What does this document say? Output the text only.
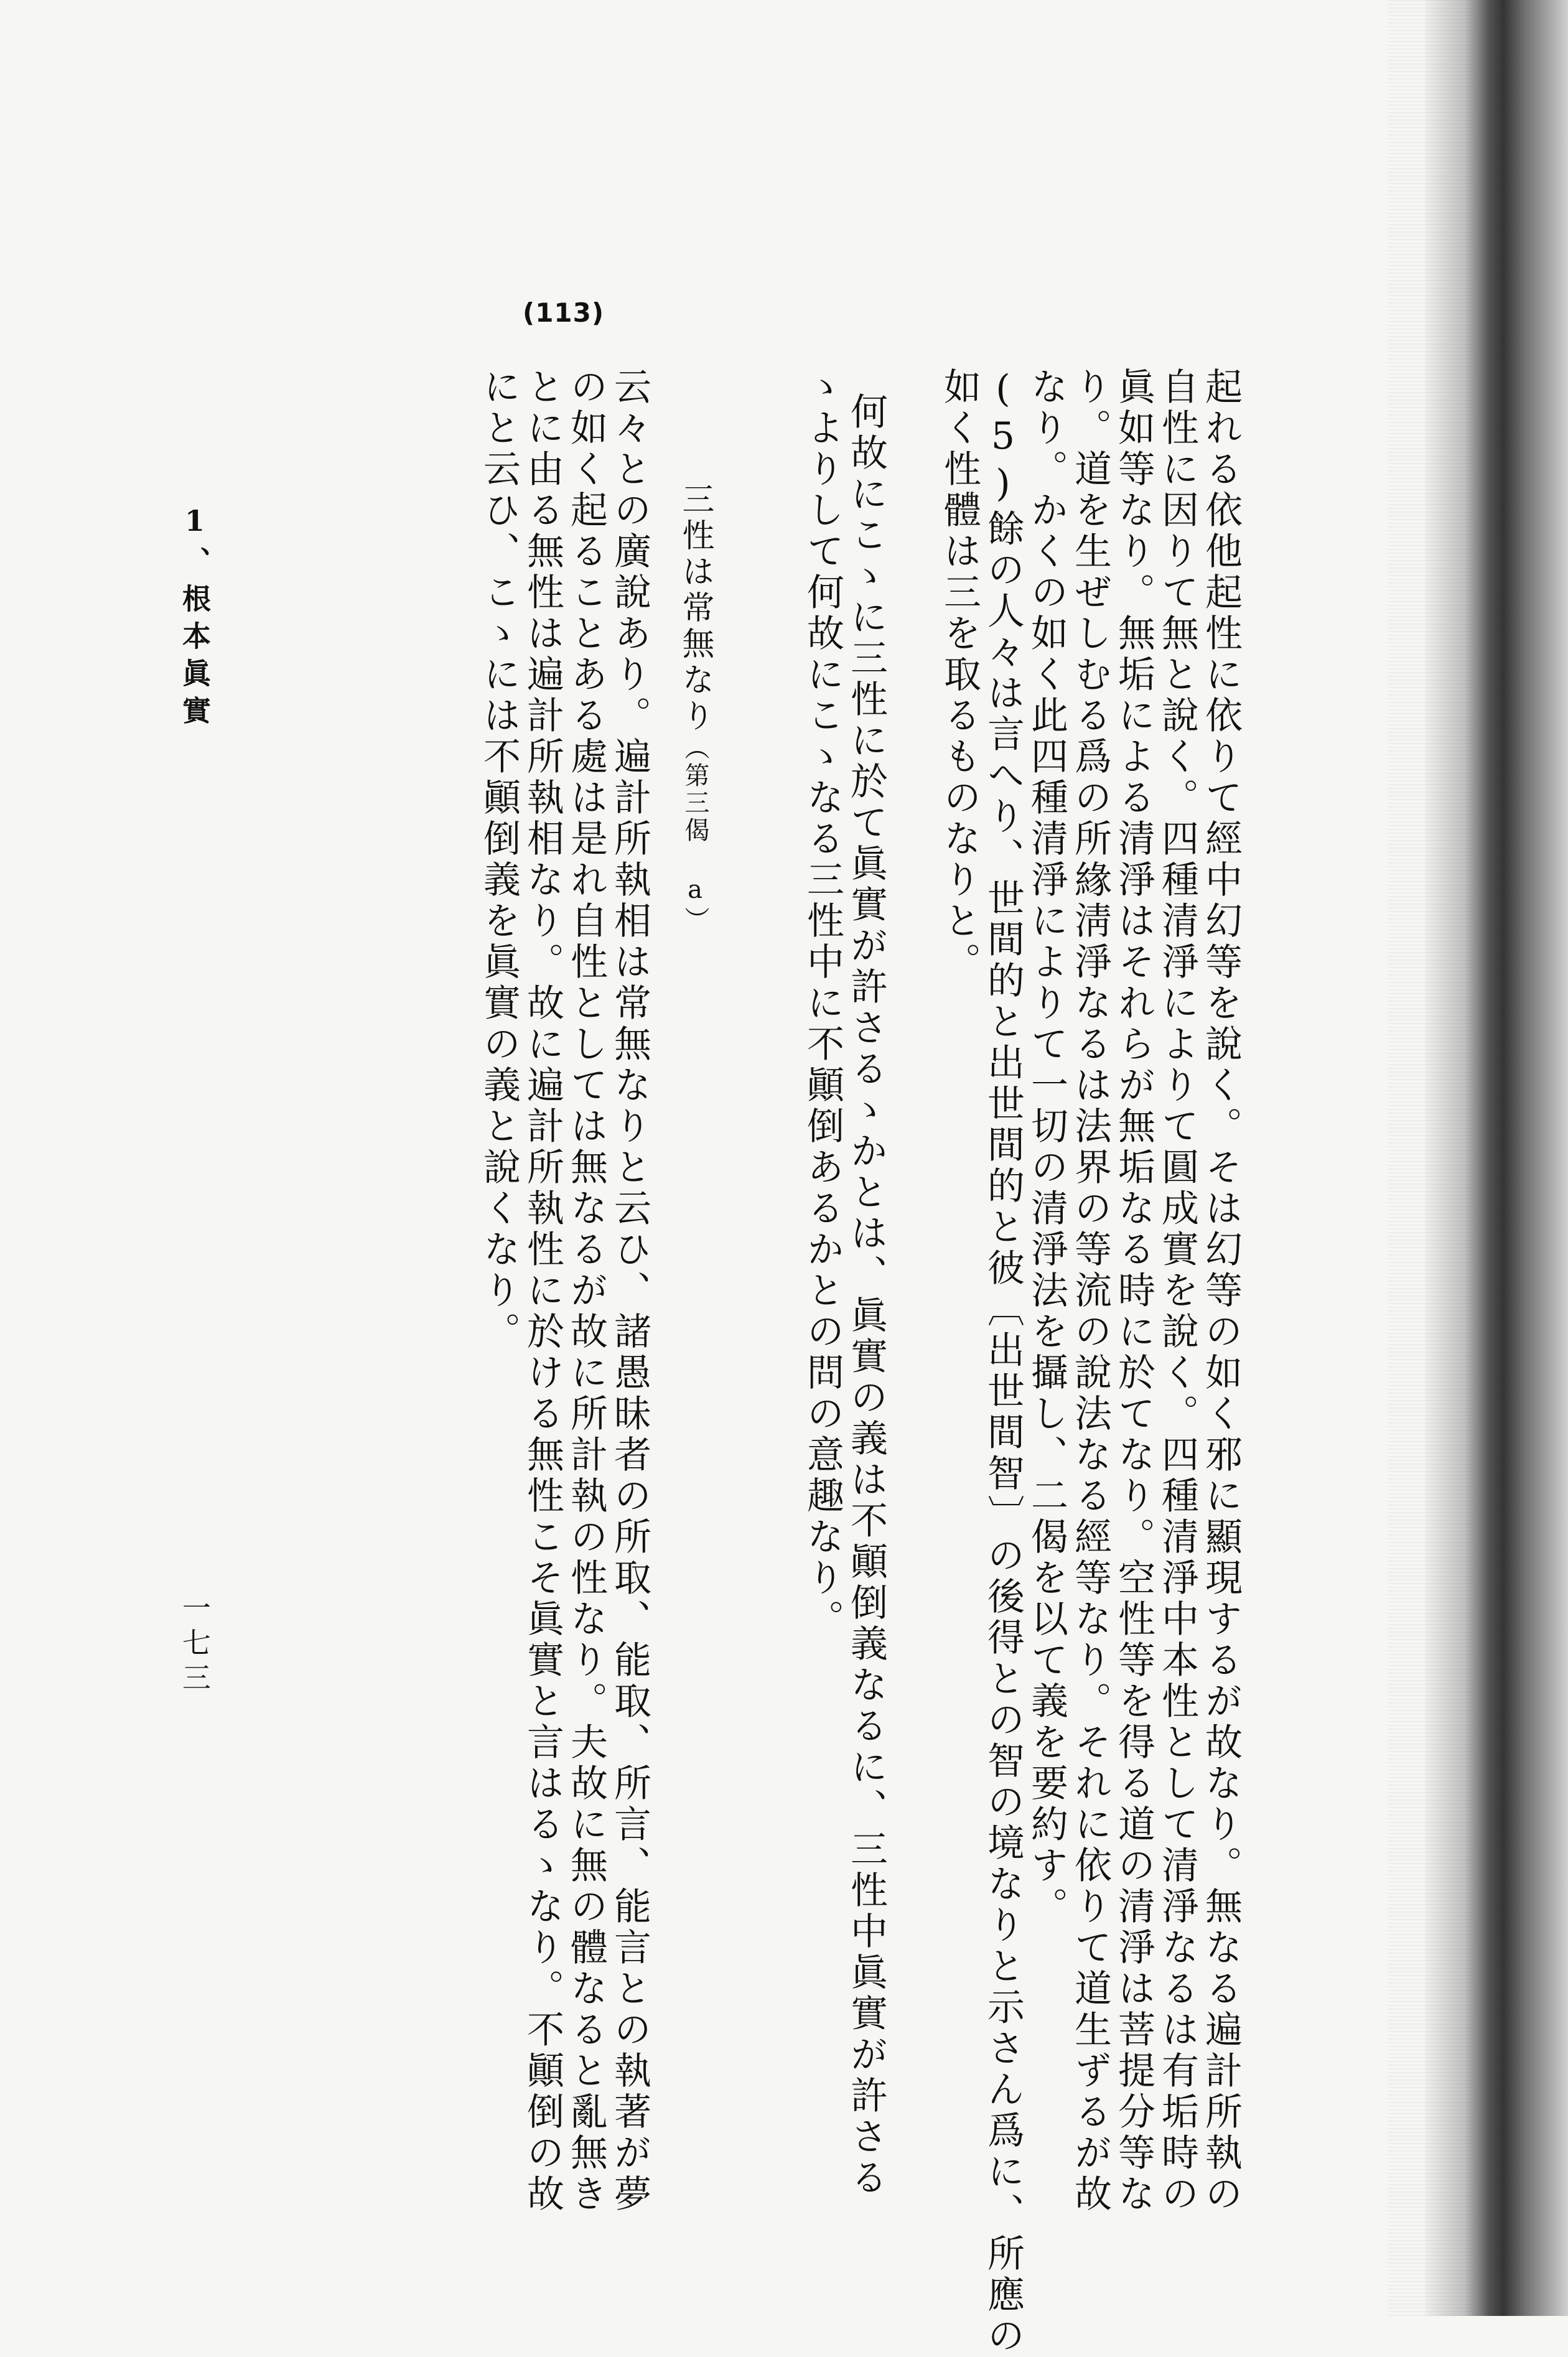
(113)
起れる依他起性に依りて經中幻等を說く。そは幻等の如く邪に顯現するが故なり。無なる遍計所執の
自性に因りて無と說く。四種清淨によりて圓成實を說く。四種清淨中本性として清淨なるは有垢時の
眞如等なり。無垢による清淨はそれらが無垢なる時に於てなり。空性等を得る道の清淨は菩提分等な
り。道を生ぜしむる爲の所緣淸淨なるは法界の等流の說法なる經等なり。それに依りて道生ずるが故
なり。かくの如く此四種清淨によりて一切の清淨法を攝し、二偈を以て義を要約す。
(5)餘の人々は言へり、世間的と出世間的と彼〔出世間智〕の後得との智の境なりと示さん爲に、所應の
如く性體は三を取るものなりと。
何故にこゝに三性に於て眞實が許さるゝかとは、眞實の義は不顚倒義なるに、三性中眞實が許さる
ゝよりして何故にこゝなる三性中に不顚倒あるかとの問の意趣なり。
三性は常無なり（第三偈 a）
云々との廣說あり。遍計所執相は常無なりと云ひ、諸愚昧者の所取、能取、所言、能言との執著が夢
の如く起ることある處は是れ自性としては無なるが故に所計執の性なり。夫故に無の體なると亂無き
とに由る無性は遍計所執相なり。故に遍計所執性に於ける無性こそ眞實と言はるゝなり。不顚倒の故
にと云ひ、こゝには不顚倒義を眞實の義と說くなり。
1、根本眞實
一七三
